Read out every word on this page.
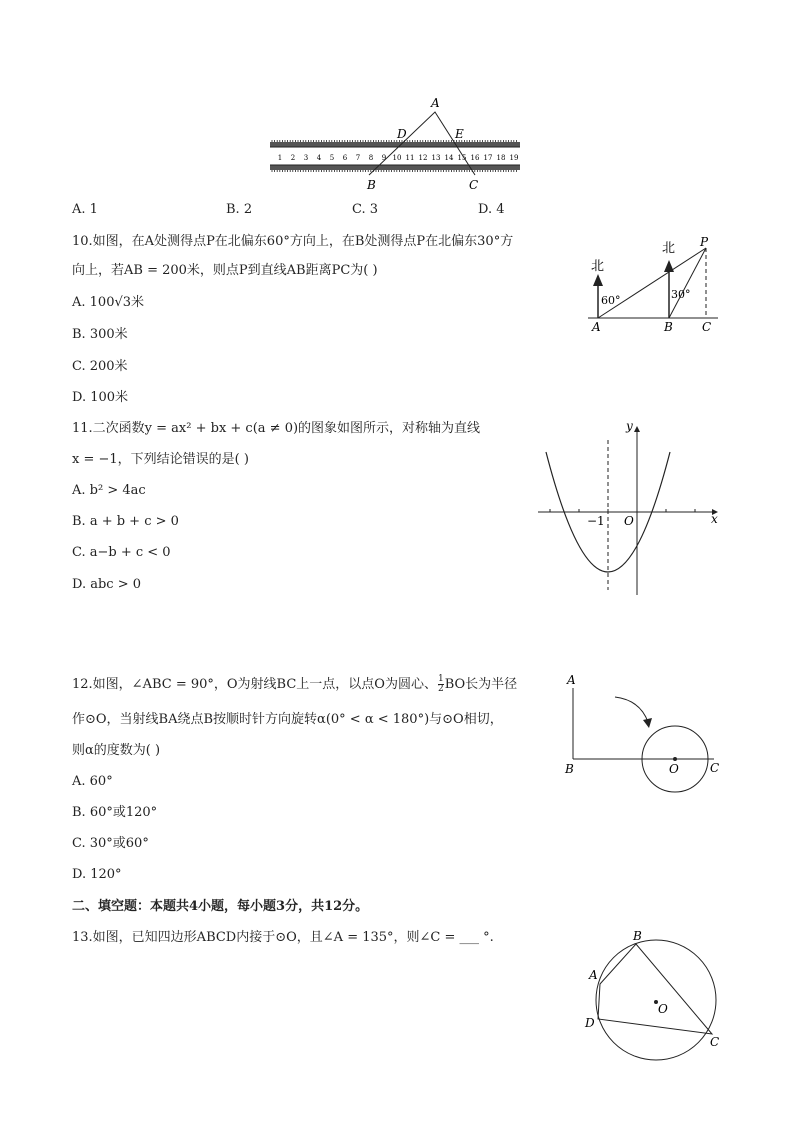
1 2 3 4 5 6 7 8 9 10 11 12 13 14 15 16 17 18 19
A
D	E
B	C
A. 1	B. 2	C. 3	D. 4
10.如图，在A处测得点P在北偏东60°方向上，在B处测得点P在北偏东30°方
向上，若AB = 200米，则点P到直线AB距离PC为( )
A. 100√3米
B. 300米
C. 200米
D. 100米
北
北
60°	30°
P
A	B C
11.二次函数y = ax² + bx + c(a ≠ 0)的图象如图所示，对称轴为直线
x = −1，下列结论错误的是( )
A. b² > 4ac
B. a + b + c > 0
C. a−b + c < 0
D. abc > 0
y
x
−1 O
12.如图，∠ABC = 90°，O为射线BC上一点，以点O为圆心、 $\frac{1}{2}$ BO长为半径
作⊙O，当射线BA绕点B按顺时针方向旋转α(0° < α < 180°)与⊙O相切，
则α的度数为( )
A. 60°
B. 60°或120°
C. 30°或60°
D. 120°
A
B	O	C
二、填空题：本题共4小题，每小题3分，共12分。
13.如图，已知四边形ABCD内接于⊙O，且∠A = 135°，则∠C = ___ °.
A
B
C
D
O
